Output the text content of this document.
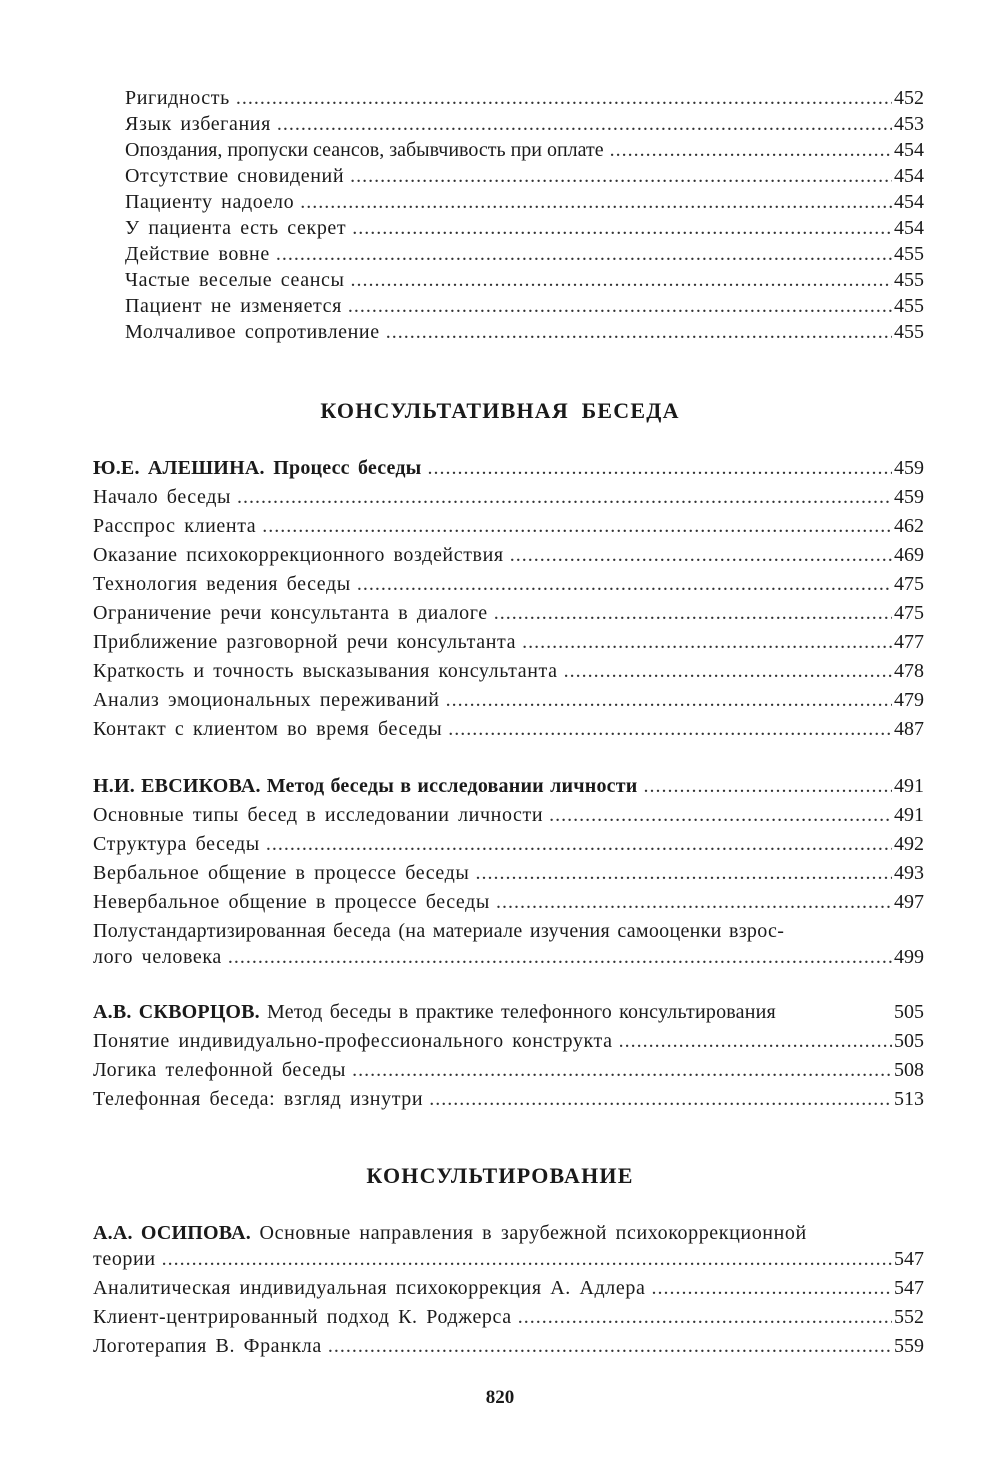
Ригидность .....	452
Язык избегания .....	453
Опоздания, пропуски сеансов, забывчивость при оплате .....	454
Отсутствие сновидений .....	454
Пациенту надоело .....	454
У пациента есть секрет .....	454
Действие вовне .....	455
Частые веселые сеансы .....	455
Пациент не изменяется .....	455
Молчаливое сопротивление .....	455
КОНСУЛЬТАТИВНАЯ БЕСЕДА
Ю.Е. АЛЕШИНА. Процесс беседы .....	459
Начало беседы .....	459
Расспрос клиента .....	462
Оказание психокоррекционного воздействия .....	469
Технология ведения беседы .....	475
Ограничение речи консультанта в диалоге .....	475
Приближение разговорной речи консультанта .....	477
Краткость и точность высказывания консультанта .....	478
Анализ эмоциональных переживаний .....	479
Контакт с клиентом во время беседы .....	487
Н.И. ЕВСИКОВА. Метод беседы в исследовании личности .....	491
Основные типы бесед в исследовании личности .....	491
Структура беседы .....	492
Вербальное общение в процессе беседы .....	493
Невербальное общение в процессе беседы .....	497
Полустандартизированная беседа (на материале изучения самооценки взрос-
лого человека .....	499
А.В. СКВОРЦОВ. Метод беседы в практике телефонного консультирования	505
Понятие индивидуально-профессионального конструкта .....	505
Логика телефонной беседы .....	508
Телефонная беседа: взгляд изнутри .....	513
КОНСУЛЬТИРОВАНИЕ
А.А. ОСИПОВА. Основные направления в зарубежной психокоррекционной
теории .....	547
Аналитическая индивидуальная психокоррекция А. Адлера .....	547
Клиент-центрированный подход К. Роджерса .....	552
Логотерапия В. Франкла .....	559
820
